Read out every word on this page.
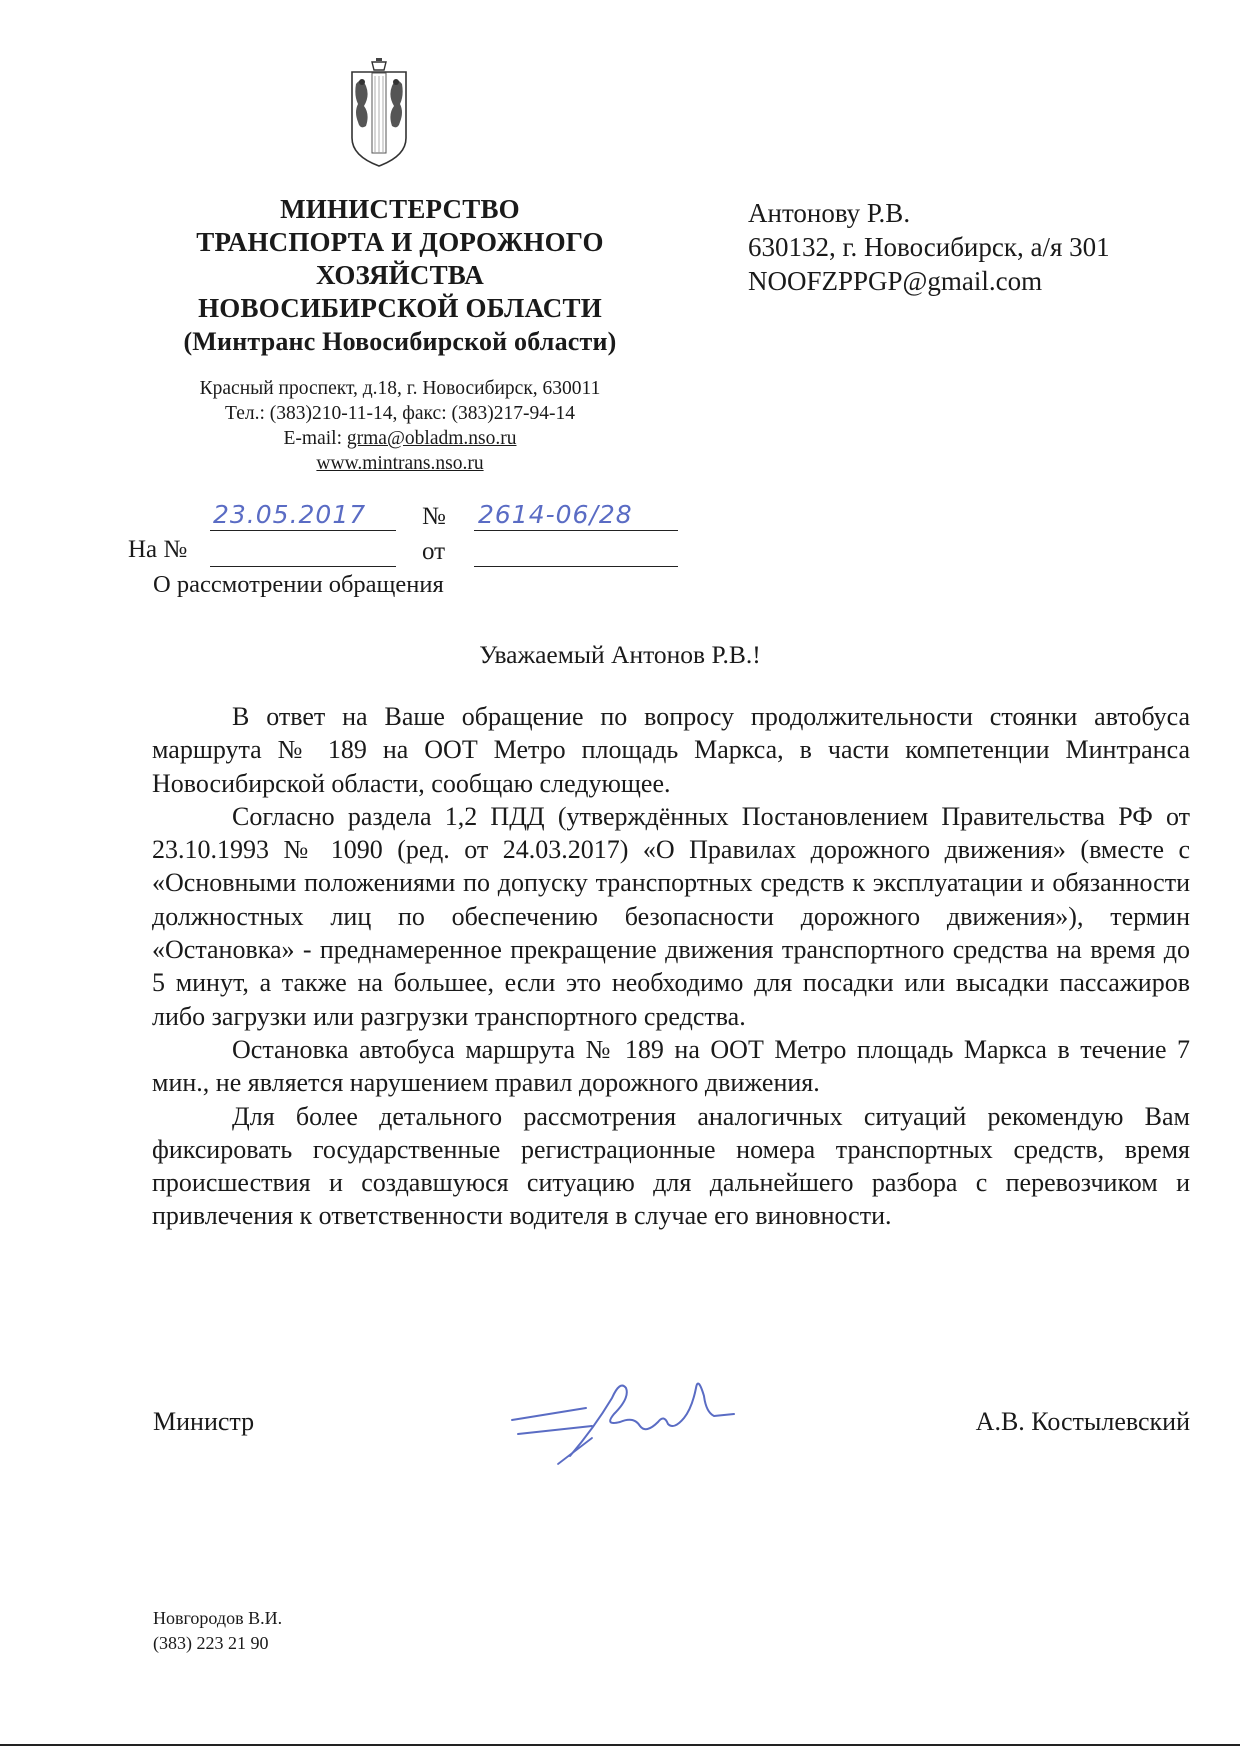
МИНИСТЕРСТВО
ТРАНСПОРТА И ДОРОЖНОГО
ХОЗЯЙСТВА
НОВОСИБИРСКОЙ ОБЛАСТИ
(Минтранс Новосибирской области)
Красный проспект, д.18, г. Новосибирск, 630011
Тел.: (383)210-11-14, факс: (383)217-94-14
E-mail: grma@obladm.nso.ru
www.mintrans.nso.ru
Антонову Р.В.
630132, г. Новосибирск, а/я 301
NOOFZPPGP@gmail.com
23.05.2017 № 2614-06/28
На №	от
О рассмотрении обращения
Уважаемый Антонов Р.В.!

В ответ на Ваше обращение по вопросу продолжительности стоянки автобуса маршрута № 189 на ООТ Метро площадь Маркса, в части компетенции Минтранса Новосибирской области, сообщаю следующее.

Согласно раздела 1,2 ПДД (утверждённых Постановлением Правительства РФ от 23.10.1993 № 1090 (ред. от 24.03.2017) «О Правилах дорожного движения» (вместе с «Основными положениями по допуску транспортных средств к эксплуатации и обязанности должностных лиц по обеспечению безопасности дорожного движения»), термин «Остановка» - преднамеренное прекращение движения транспортного средства на время до 5 минут, а также на большее, если это необходимо для посадки или высадки пассажиров либо загрузки или разгрузки транспортного средства.

Остановка автобуса маршрута № 189 на ООТ Метро площадь Маркса в течение 7 мин., не является нарушением правил дорожного движения.

Для более детального рассмотрения аналогичных ситуаций рекомендую Вам фиксировать государственные регистрационные номера транспортных средств, время происшествия и создавшуюся ситуацию для дальнейшего разбора с перевозчиком и привлечения к ответственности водителя в случае его виновности.

Министр	А.В. Костылевский
Новгородов В.И.
(383) 223 21 90
